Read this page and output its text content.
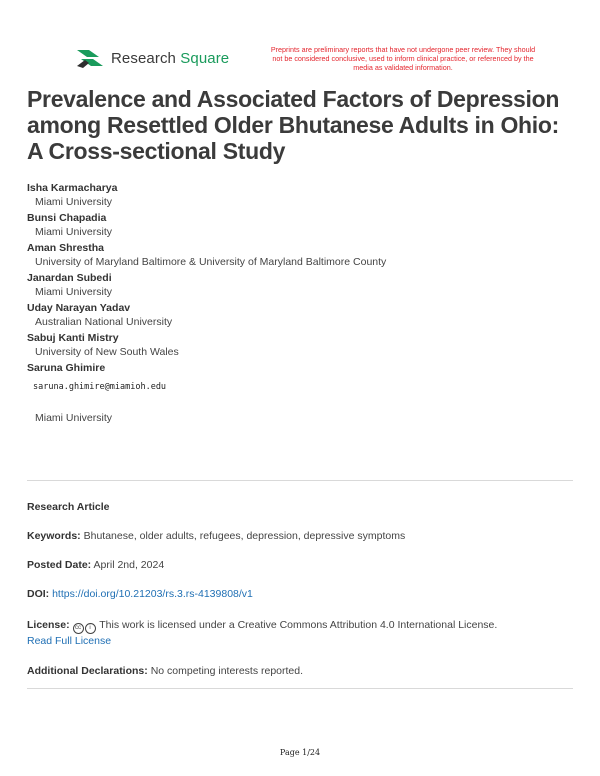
Research Square	Preprints are preliminary reports that have not undergone peer review. They should not be considered conclusive, used to inform clinical practice, or referenced by the media as validated information.
Prevalence and Associated Factors of Depression among Resettled Older Bhutanese Adults in Ohio: A Cross-sectional Study
Isha Karmacharya
Miami University
Bunsi Chapadia
Miami University
Aman Shrestha
University of Maryland Baltimore & University of Maryland Baltimore County
Janardan Subedi
Miami University
Uday Narayan Yadav
Australian National University
Sabuj Kanti Mistry
University of New South Wales
Saruna Ghimire
saruna.ghimire@miamioh.edu
Miami University
Research Article
Keywords: Bhutanese, older adults, refugees, depression, depressive symptoms
Posted Date: April 2nd, 2024
DOI: https://doi.org/10.21203/rs.3.rs-4139808/v1
License: cc i This work is licensed under a Creative Commons Attribution 4.0 International License.
Read Full License
Additional Declarations: No competing interests reported.
Page 1/24
